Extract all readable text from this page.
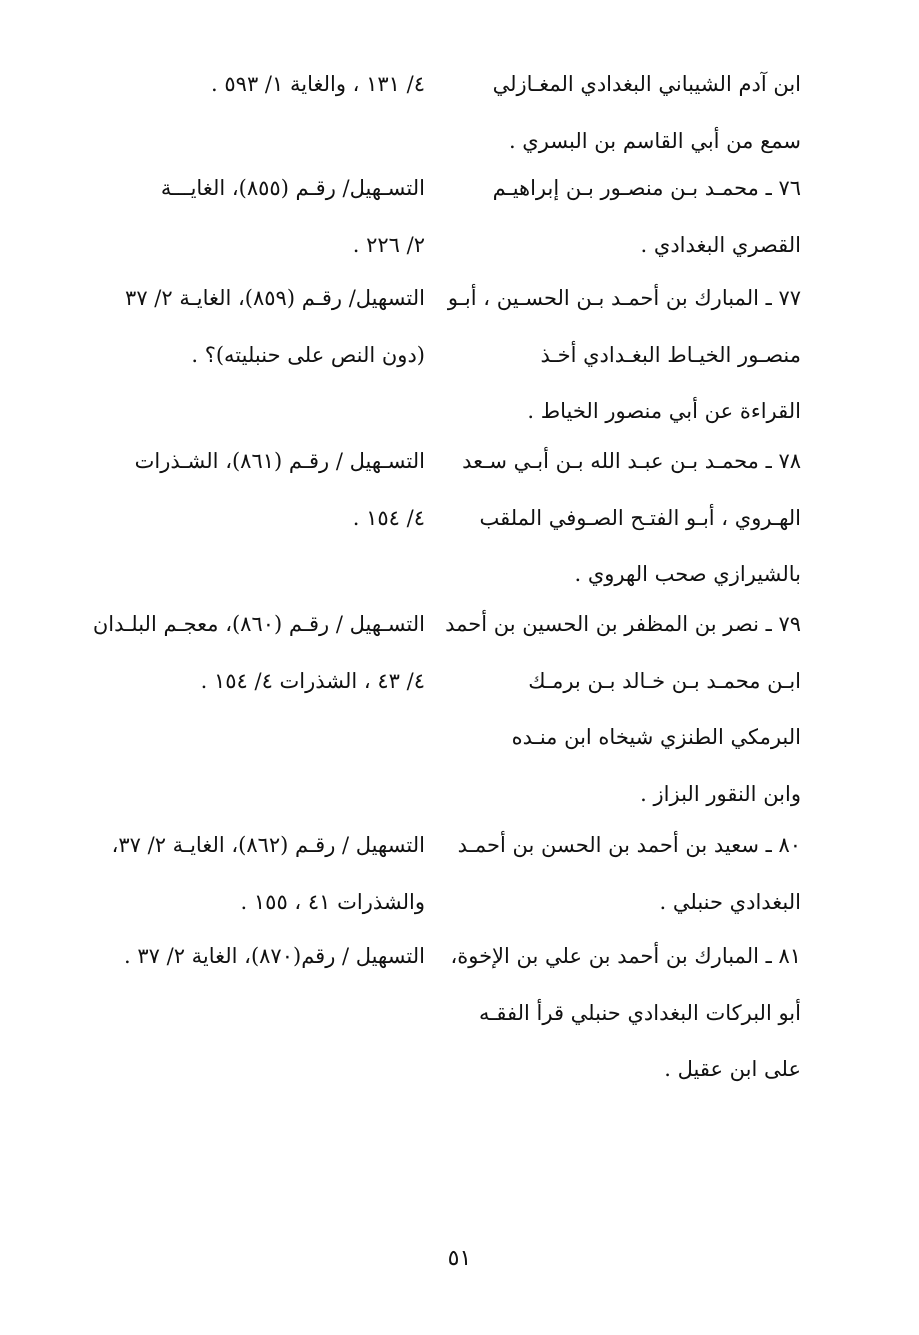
ابن آدم الشيباني البغدادي المغـازلي
سمع من أبي القاسم بن البسري .
٤/ ١٣١ ، والغاية ١/ ٥٩٣ .
٧٦ ـ محمـد بـن منصـور بـن إبراهيـم
القصري البغدادي .
التسـهيل/ رقـم (٨٥٥)، الغايـــة
٢/ ٢٢٦ .
٧٧ ـ المبارك بن أحمـد بـن الحسـين ، أبـو
منصـور الخيـاط البغـدادي أخـذ
القراءة عن أبي منصور الخياط .
التسهيل/ رقـم (٨٥٩)، الغايـة ٢/ ٣٧
(دون النص على حنبليته)؟ .
٧٨ ـ محمـد بـن عبـد الله بـن أبـي سـعد
الهـروي ، أبـو الفتـح الصـوفي الملقب
بالشيرازي صحب الهروي .
التسـهيل / رقـم (٨٦١)، الشـذرات
٤/ ١٥٤ .
٧٩ ـ نصر بن المظفر بن الحسين بن أحمد
ابـن محمـد بـن خـالد بـن برمـك
البرمكي الطنزي شيخاه ابن منـده
وابن النقور البزاز .
التسـهيل / رقـم (٨٦٠)، معجـم البلـدان
٤/ ٤٣ ، الشذرات ٤/ ١٥٤ .
٨٠ ـ سعيد بن أحمد بن الحسن بن أحمـد
البغدادي حنبلي .
التسهيل / رقـم (٨٦٢)، الغايـة ٢/ ٣٧،
والشذرات ٤١ ، ١٥٥ .
٨١ ـ المبارك بن أحمد بن علي بن الإخوة،
أبو البركات البغدادي حنبلي قرأ الفقـه
على ابن عقيل .
التسهيل / رقم(٨٧٠)، الغاية ٢/ ٣٧ .
٥١
